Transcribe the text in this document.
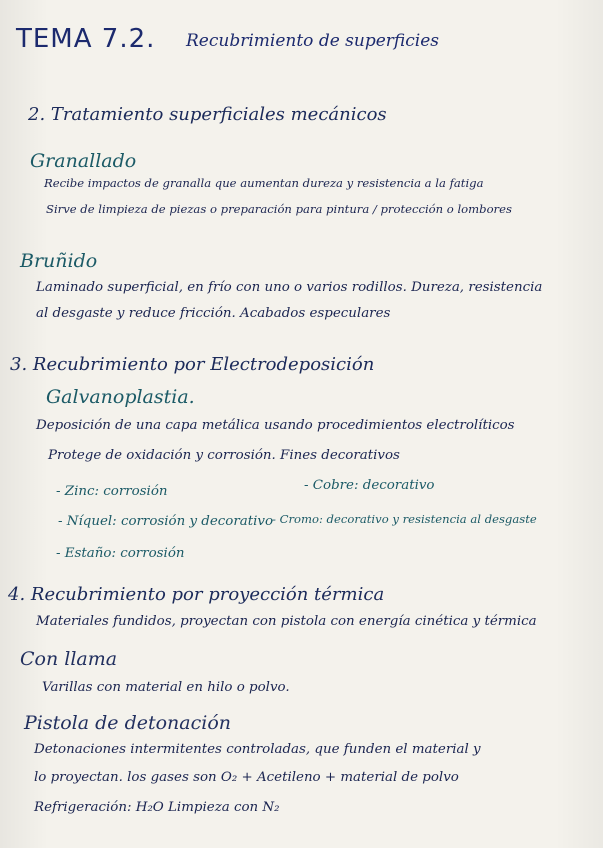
TEMA 7.2. Recubrimiento de superficies
2. Tratamiento superficiales mecánicos
Granallado
Recibe impactos de granalla que aumentan dureza y resistencia a la fatiga
Sirve de limpieza de piezas o preparación para pintura / protección o lombores
Bruñido
Laminado superficial, en frío con uno o varios rodillos. Dureza, resistencia
al desgaste y reduce fricción. Acabados especulares
3. Recubrimiento por Electrodeposición
Galvanoplastia.
Deposición de una capa metálica usando procedimientos electrolíticos
Protege de oxidación y corrosión. Fines decorativos
- Zinc: corrosión	- Cobre: decorativo
- Níquel: corrosión y decorativo
- Cromo: decorativo y resistencia al desgaste
- Estaño: corrosión
4. Recubrimiento por proyección térmica
Materiales fundidos, proyectan con pistola con energía cinética y térmica
Con llama
Varillas con material en hilo o polvo.
Pistola de detonación
Detonaciones intermitentes controladas, que funden el material y
lo proyectan. los gases son O₂ + Acetileno + material de polvo
Refrigeración: H₂O Limpieza con N₂
